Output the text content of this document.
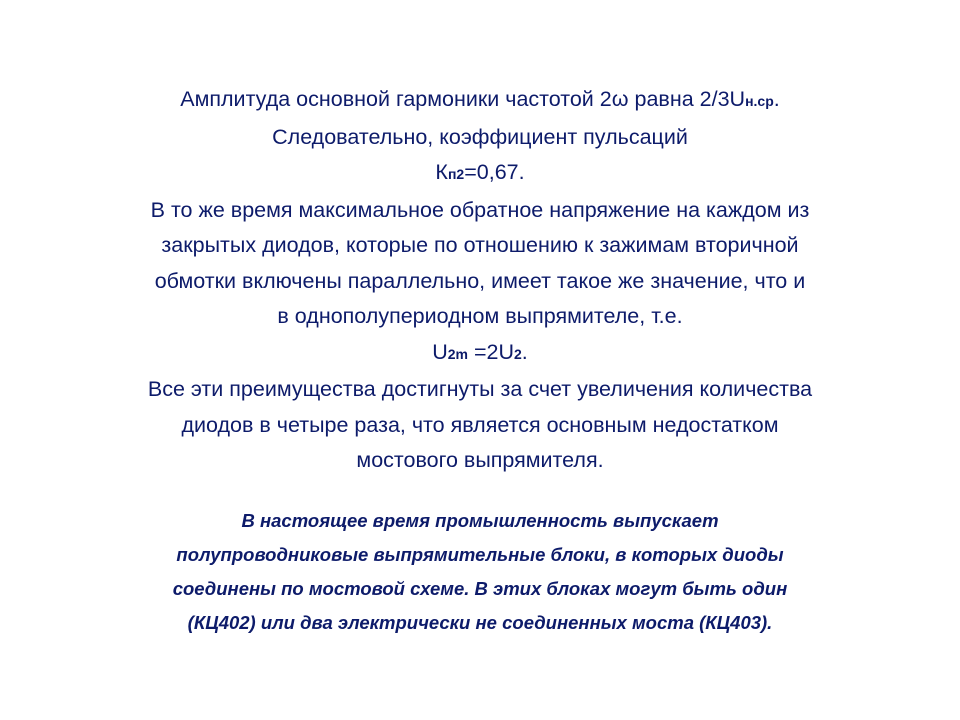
Амплитуда основной гармоники частотой 2ω равна 2/3Uн.ср.
Следовательно, коэффициент пульсаций
Кп2=0,67.
В то же время максимальное обратное напряжение на каждом из
закрытых диодов, которые по отношению к зажимам вторичной
обмотки включены параллельно, имеет такое же значение, что и
в однополупериодном выпрямителе, т.е.
U2m =2U2.
Все эти преимущества достигнуты за счет увеличения количества
диодов в четыре раза, что является основным недостатком
мостового выпрямителя.
В настоящее время промышленность выпускает
полупроводниковые выпрямительные блоки, в которых диоды
соединены по мостовой схеме. В этих блоках могут быть один
(КЦ402) или два электрически не соединенных моста (КЦ403).
